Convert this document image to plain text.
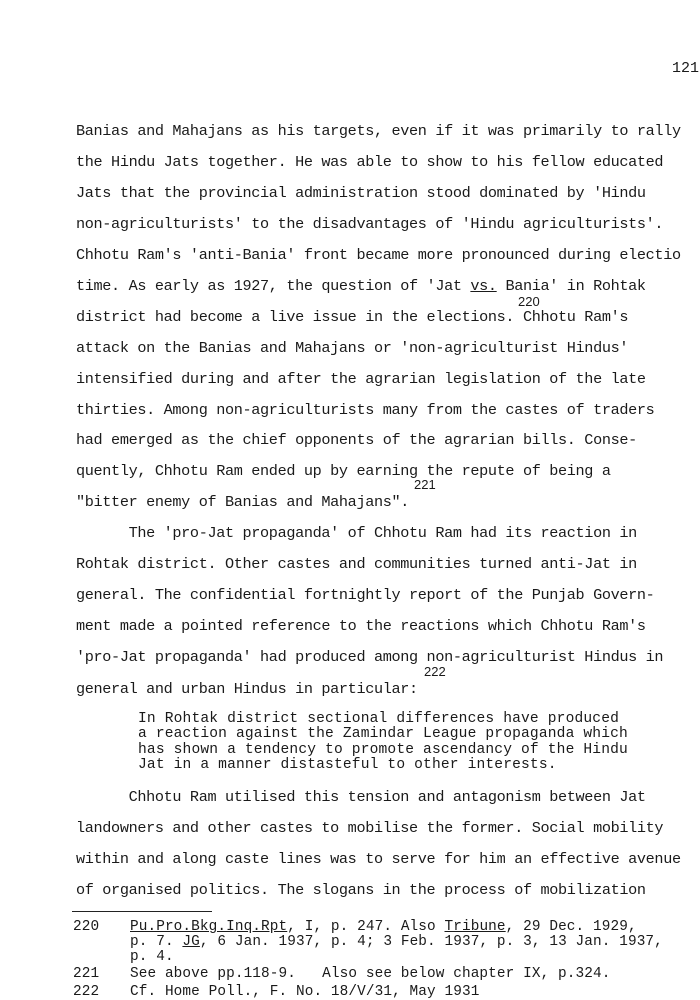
121
Banias and Mahajans as his targets, even if it was primarily to rally
the Hindu Jats together. He was able to show to his fellow educated
Jats that the provincial administration stood dominated by 'Hindu
non-agriculturists' to the disadvantages of 'Hindu agriculturists'.
Chhotu Ram's 'anti-Bania' front became more pronounced during electio
time. As early as 1927, the question of 'Jat vs. Bania' in Rohtak
220
district had become a live issue in the elections. Chhotu Ram's
attack on the Banias and Mahajans or 'non-agriculturist Hindus'
intensified during and after the agrarian legislation of the late
thirties. Among non-agriculturists many from the castes of traders
had emerged as the chief opponents of the agrarian bills. Conse-
quently, Chhotu Ram ended up by earning the repute of being a
221
"bitter enemy of Banias and Mahajans".
The 'pro-Jat propaganda' of Chhotu Ram had its reaction in
Rohtak district. Other castes and communities turned anti-Jat in
general. The confidential fortnightly report of the Punjab Govern-
ment made a pointed reference to the reactions which Chhotu Ram's
'pro-Jat propaganda' had produced among non-agriculturist Hindus in
222
general and urban Hindus in particular:
In Rohtak district sectional differences have produced
a reaction against the Zamindar League propaganda which
has shown a tendency to promote ascendancy of the Hindu
Jat in a manner distasteful to other interests.
Chhotu Ram utilised this tension and antagonism between Jat
landowners and other castes to mobilise the former. Social mobility
within and along caste lines was to serve for him an effective avenue
of organised politics. The slogans in the process of mobilization
220 Pu.Pro.Bkg.Inq.Rpt, I, p. 247. Also Tribune, 29 Dec. 1929,
p. 7. JG, 6 Jan. 1937, p. 4; 3 Feb. 1937, p. 3, 13 Jan. 1937,
p. 4.
221 See above pp.118-9.   Also see below chapter IX, p.324.
222 Cf. Home Poll., F. No. 18/V/31, May 1931
